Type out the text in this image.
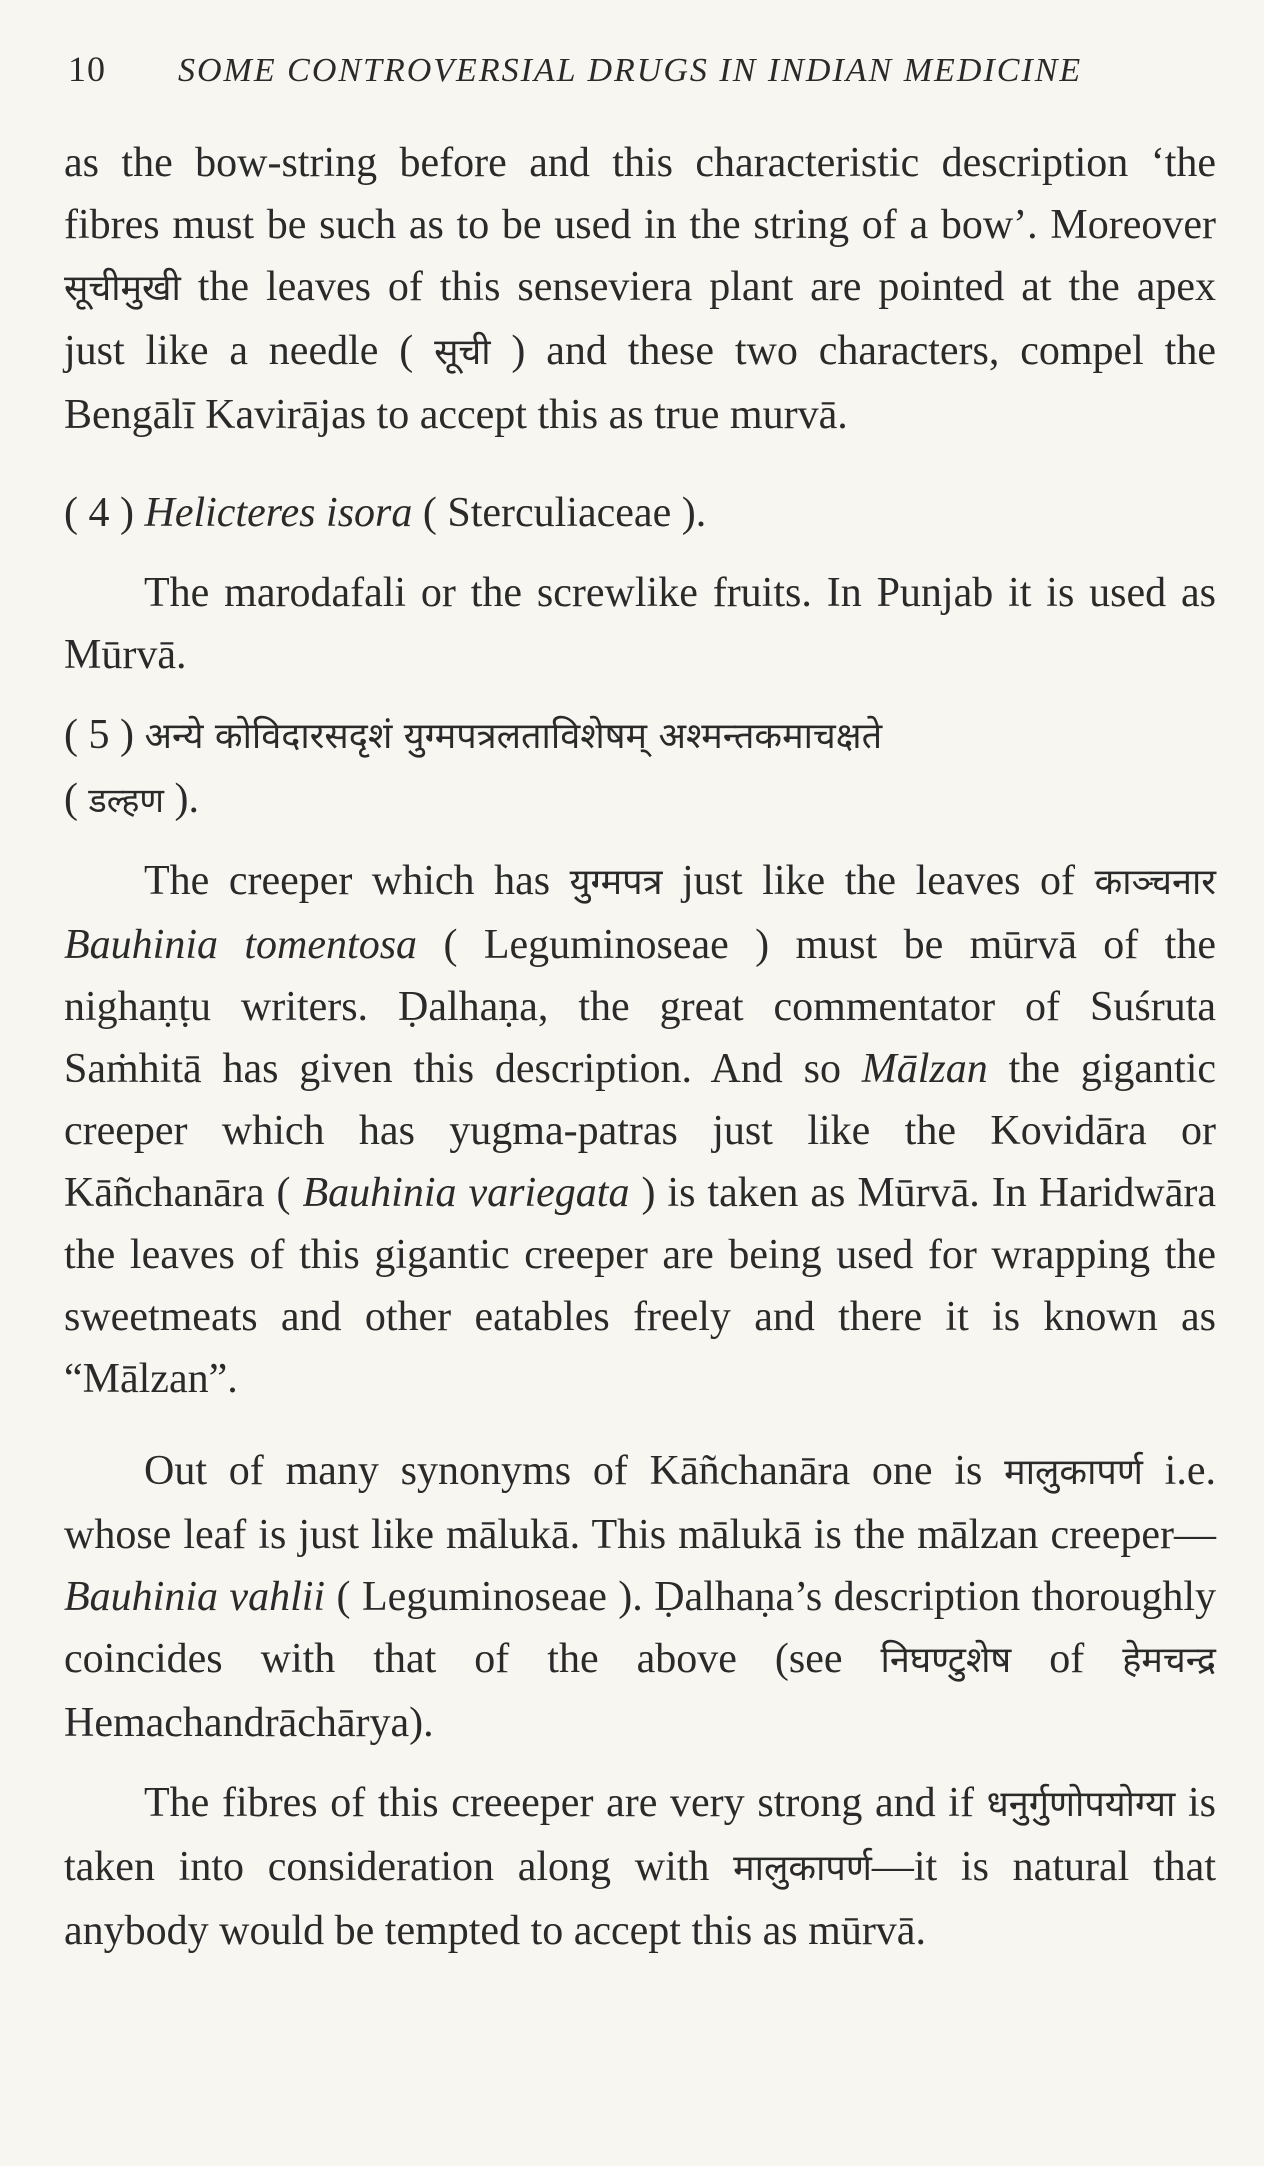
10 SOME CONTROVERSIAL DRUGS IN INDIAN MEDICINE

as the bow-string before and this characteristic description ‘the fibres must be such as to be used in the string of a bow’. Moreover सूचीमुखी the leaves of this senseviera plant are pointed at the apex just like a needle ( सूची ) and these two characters, compel the Bengālī Kavirājas to accept this as true murvā.

( 4 ) Helicteres isora ( Sterculiaceae ).

The marodafali or the screwlike fruits. In Punjab it is used as Mūrvā.

( 5 ) अन्ये कोविदारसदृशं युग्मपत्रलताविशेषम् अश्मन्तकमाचक्षते
( डल्हण ).

The creeper which has युग्मपत्र just like the leaves of काञ्चनार Bauhinia tomentosa ( Leguminoseae ) must be mūrvā of the nighaṇṭu writers. Ḍalhaṇa, the great commentator of Suśruta Saṁhitā has given this description. And so Mālzan the gigantic creeper which has yugma-patras just like the Kovidāra or Kāñchanāra ( Bauhinia variegata ) is taken as Mūrvā. In Haridwāra the leaves of this gigantic creeper are being used for wrapping the sweetmeats and other eatables freely and there it is known as “Mālzan”.

Out of many synonyms of Kāñchanāra one is मालुकापर्ण i.e. whose leaf is just like mālukā. This mālukā is the mālzan creeper—Bauhinia vahlii ( Leguminoseae ). Ḍalhaṇa’s description thoroughly coincides with that of the above (see निघण्टुशेष of हेमचन्द्र Hemachandrāchārya).

The fibres of this creeeper are very strong and if धनुर्गुणोपयोग्या is taken into consideration along with मालुकापर्ण—it is natural that anybody would be tempted to accept this as mūrvā.
